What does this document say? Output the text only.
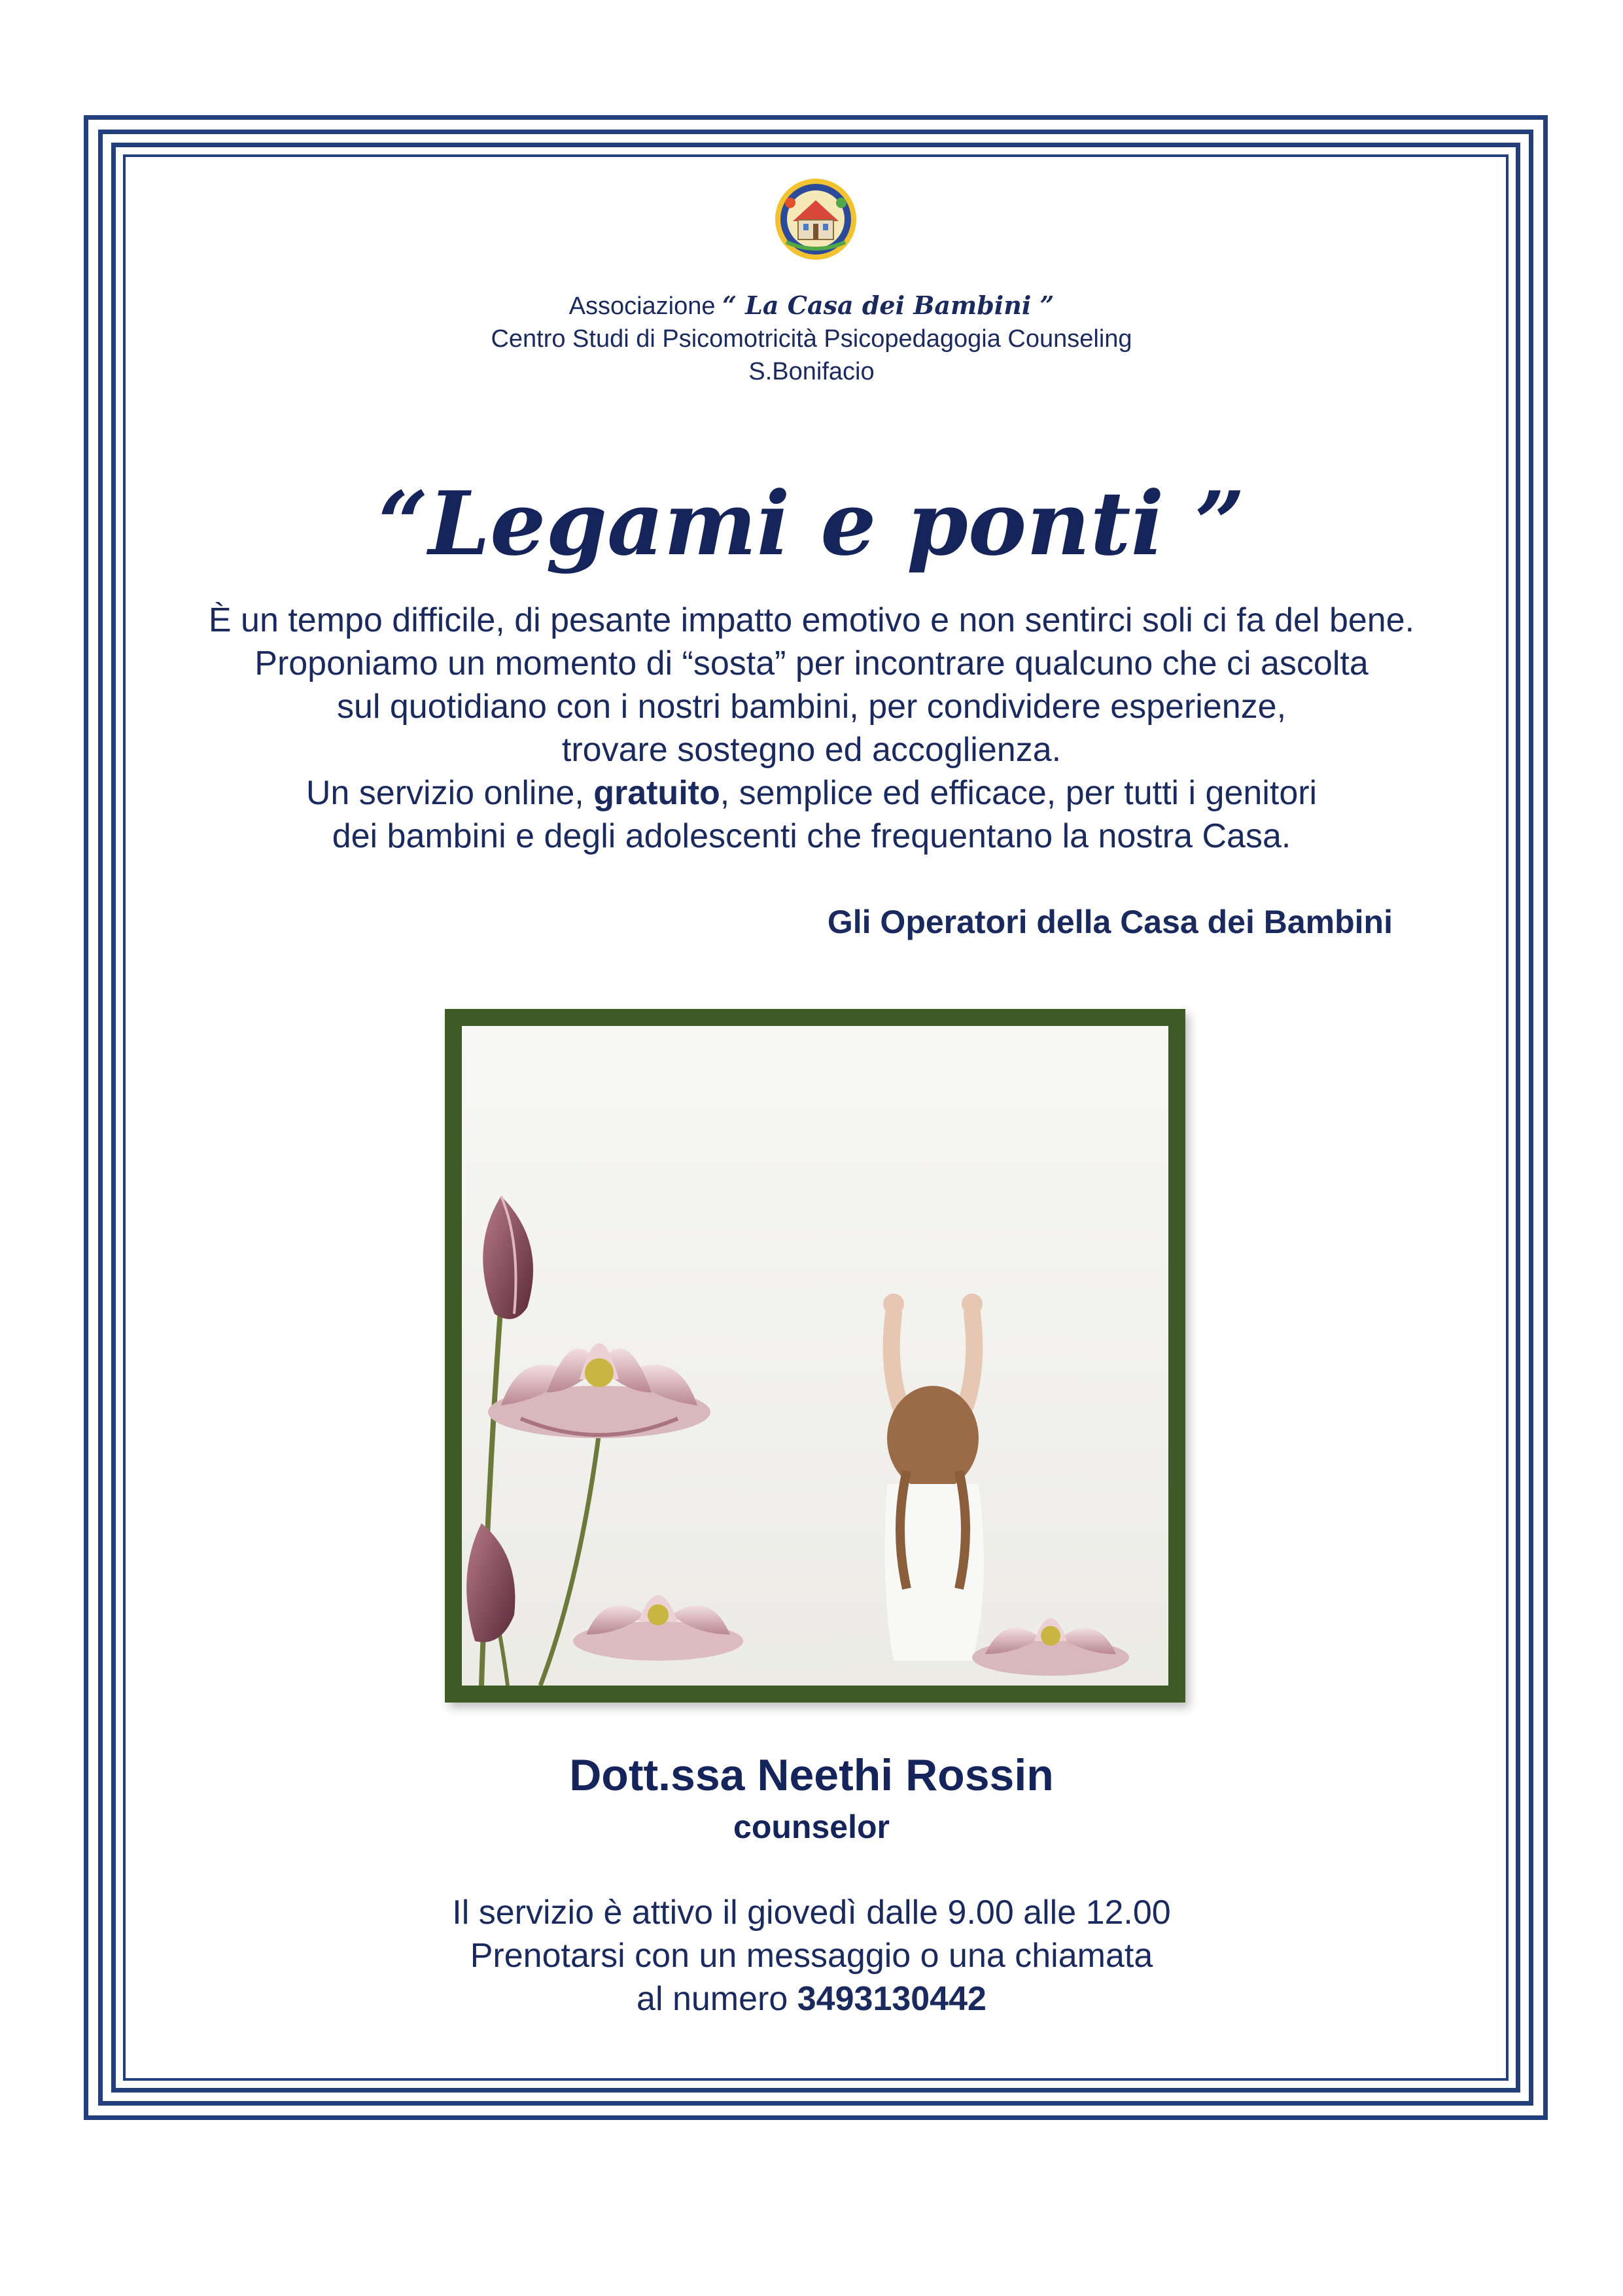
Associazione “ La Casa dei Bambini ”
Centro Studi di Psicomotricità Psicopedagogia Counseling
S.Bonifacio
“Legami e ponti ”

È un tempo difficile, di pesante impatto emotivo e non sentirci soli ci fa del bene.

Proponiamo un momento di “sosta” per incontrare qualcuno che ci ascolta

sul quotidiano con i nostri bambini, per condividere esperienze,

trovare sostegno ed accoglienza.

Un servizio online, gratuito, semplice ed efficace, per tutti i genitori

dei bambini e degli adolescenti che frequentano la nostra Casa.

Gli Operatori della Casa dei Bambini
Dott.ssa Neethi Rossin
counselor

Il servizio è attivo il giovedì dalle 9.00 alle 12.00

Prenotarsi con un messaggio o una chiamata

al numero 3493130442
